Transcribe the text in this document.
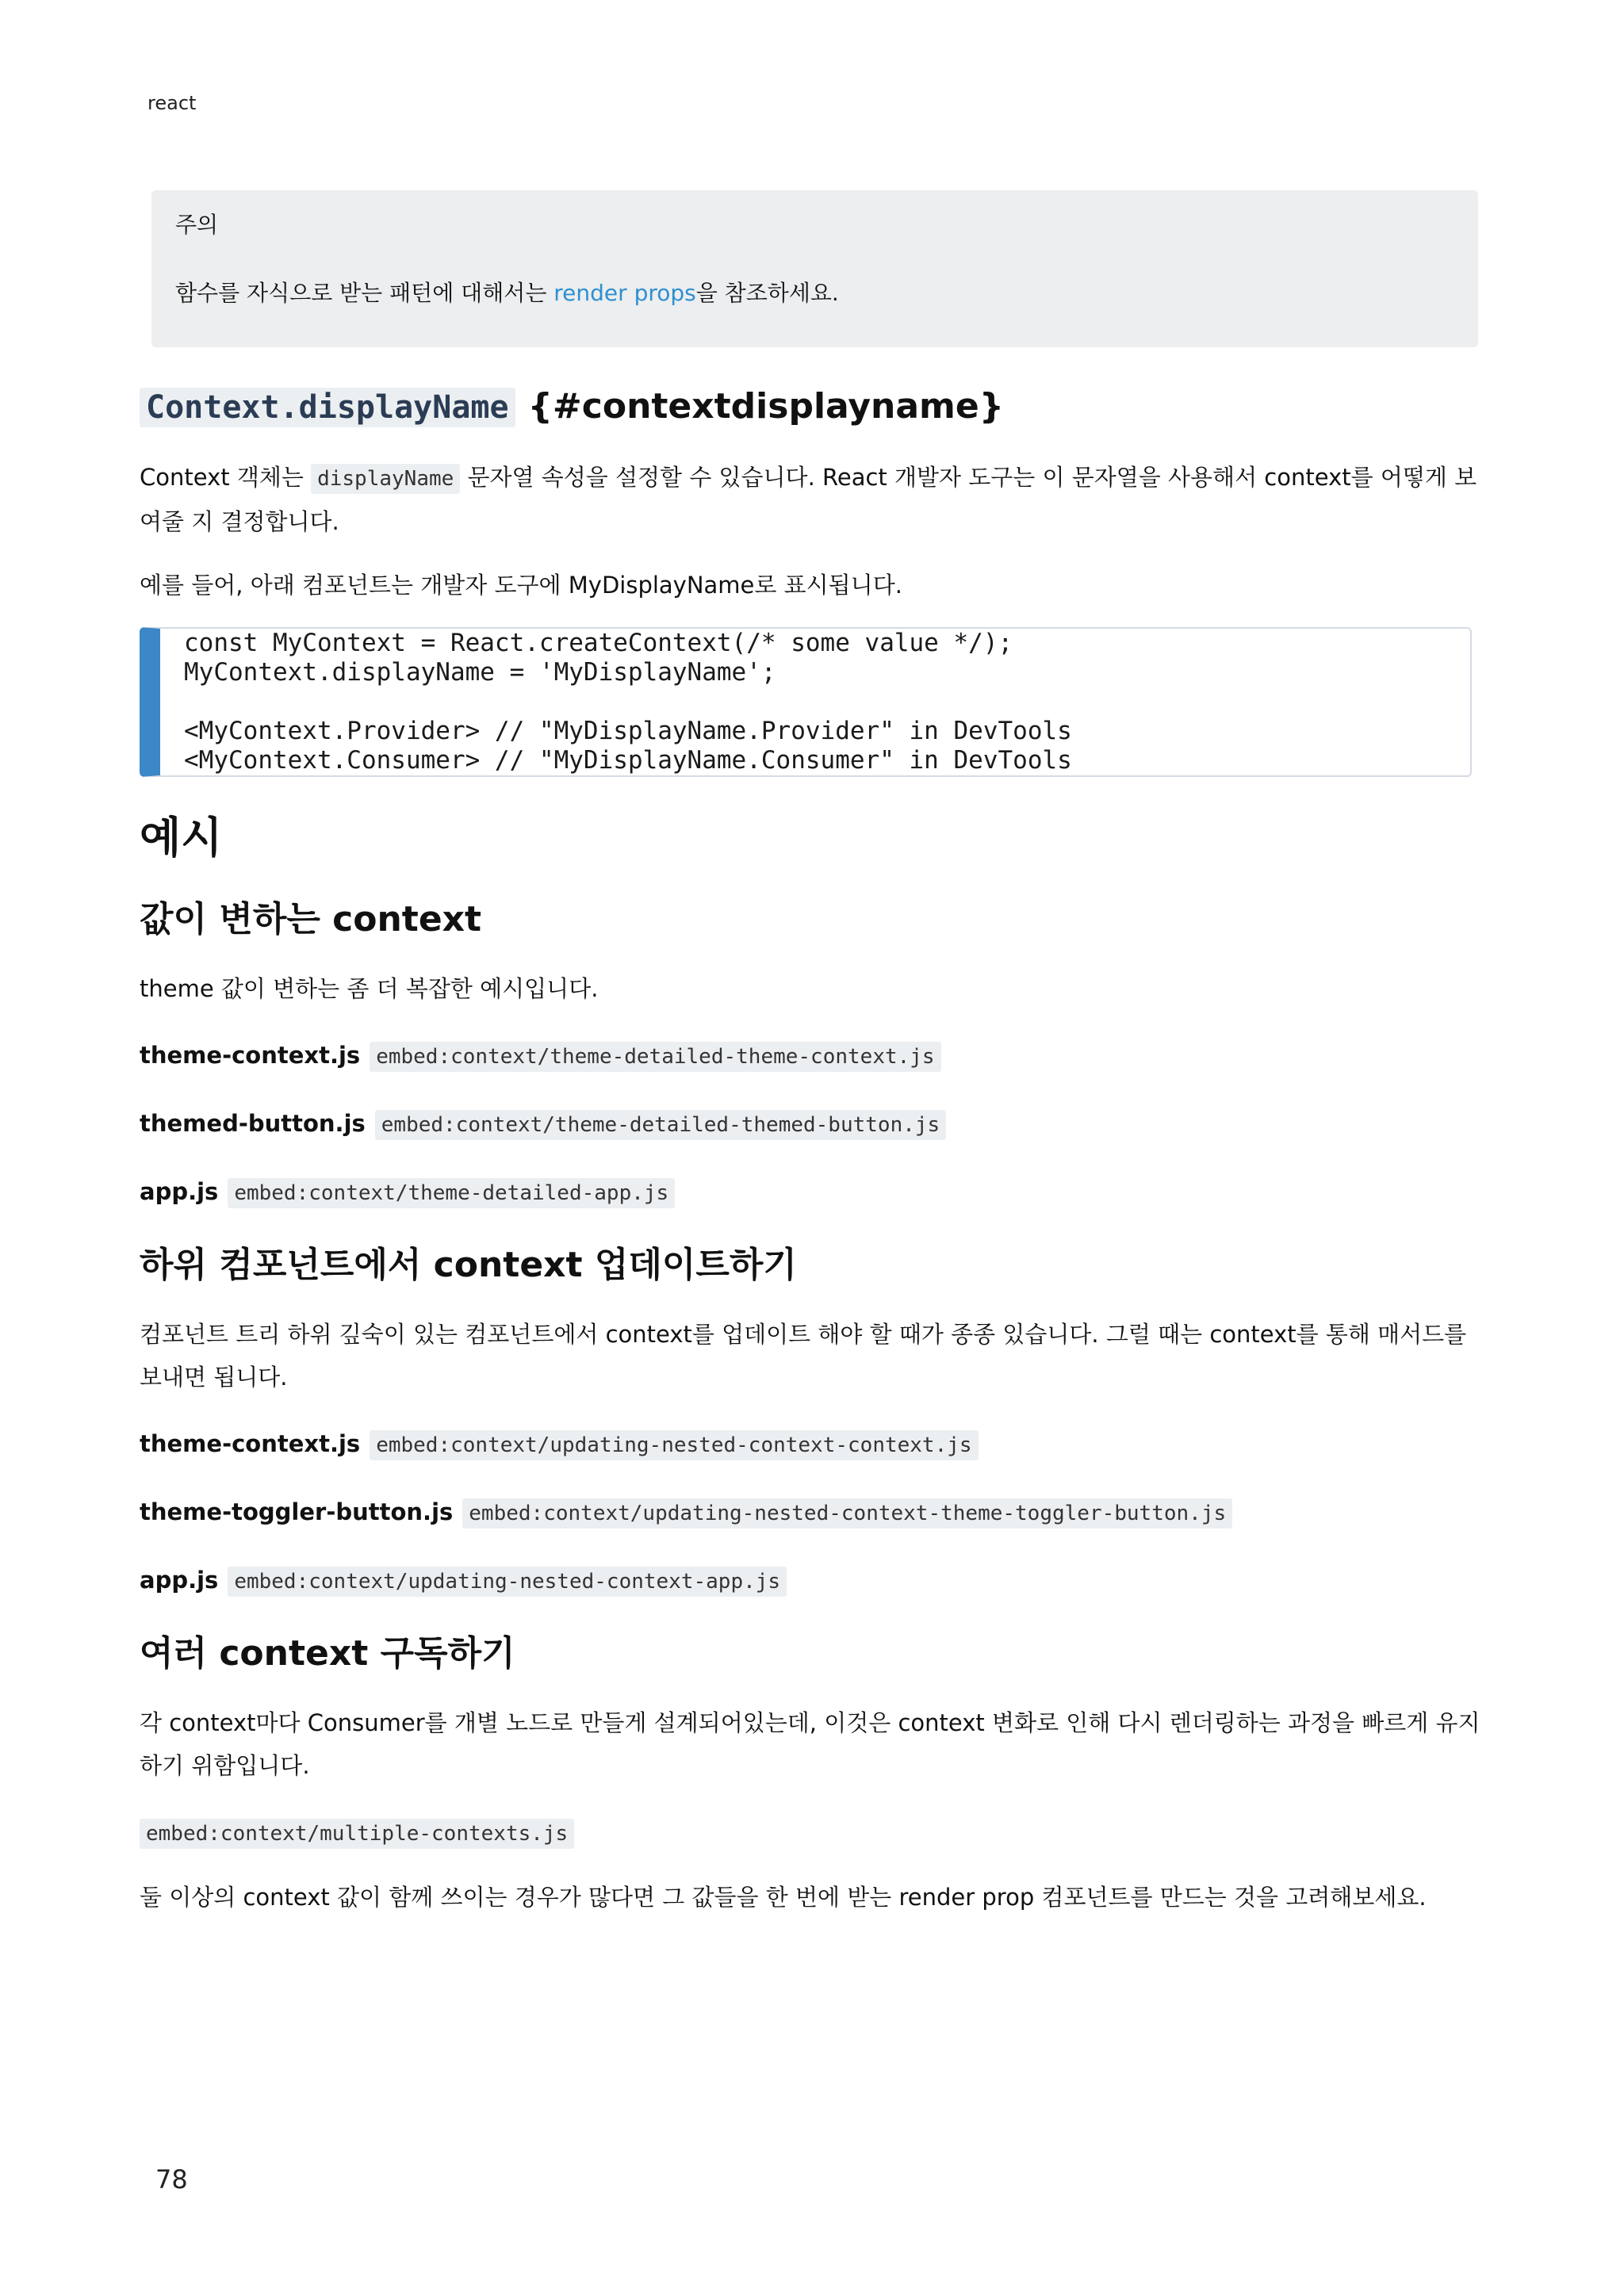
react
주의
함수를 자식으로 받는 패턴에 대해서는 render props을 참조하세요.
Context.displayName {#contextdisplayname}

Context 객체는 displayName 문자열 속성을 설정할 수 있습니다. React 개발자 도구는 이 문자열을 사용해서 context를 어떻게 보여줄 지 결정합니다.

예를 들어, 아래 컴포넌트는 개발자 도구에 MyDisplayName로 표시됩니다.

const MyContext = React.createContext(/* some value */);
MyContext.displayName = 'MyDisplayName';
<MyContext.Provider> // "MyDisplayName.Provider" in DevTools
<MyContext.Consumer> // "MyDisplayName.Consumer" in DevTools
예시
값이 변하는 context

theme 값이 변하는 좀 더 복잡한 예시입니다.

theme-context.js embed:context/theme-detailed-theme-context.js

themed-button.js embed:context/theme-detailed-themed-button.js

app.js embed:context/theme-detailed-app.js

하위 컴포넌트에서 context 업데이트하기

컴포넌트 트리 하위 깊숙이 있는 컴포넌트에서 context를 업데이트 해야 할 때가 종종 있습니다. 그럴 때는 context를 통해 매서드를 보내면 됩니다.

theme-context.js embed:context/updating-nested-context-context.js

theme-toggler-button.js embed:context/updating-nested-context-theme-toggler-button.js

app.js embed:context/updating-nested-context-app.js

여러 context 구독하기

각 context마다 Consumer를 개별 노드로 만들게 설계되어있는데, 이것은 context 변화로 인해 다시 렌더링하는 과정을 빠르게 유지하기 위함입니다.

embed:context/multiple-contexts.js

둘 이상의 context 값이 함께 쓰이는 경우가 많다면 그 값들을 한 번에 받는 render prop 컴포넌트를 만드는 것을 고려해보세요.

78
